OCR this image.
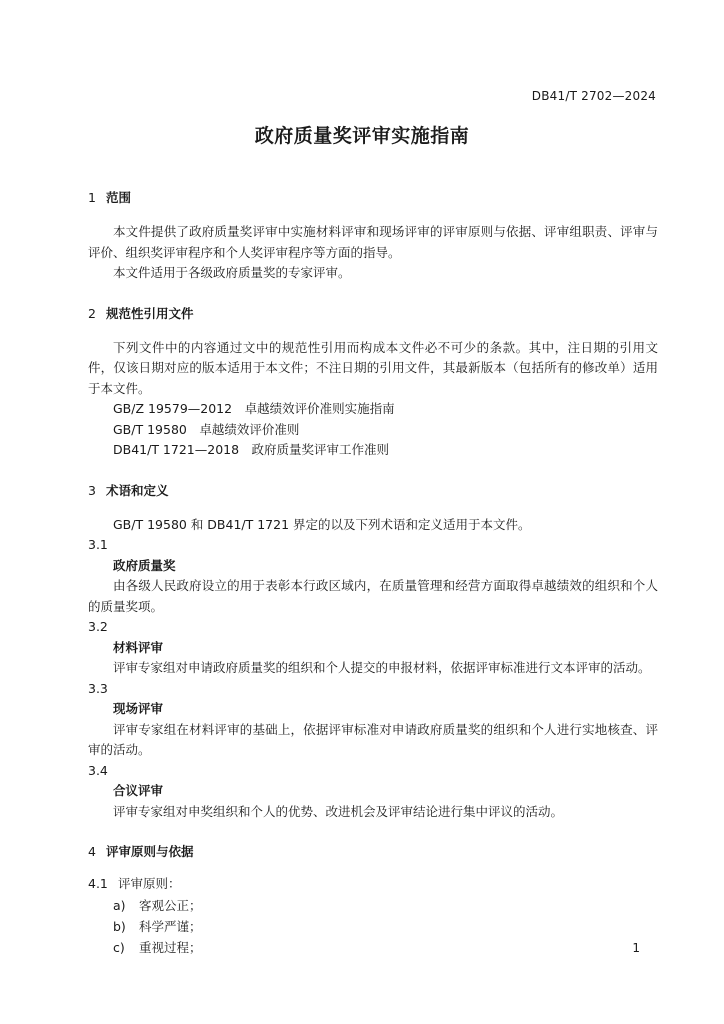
DB41/T 2702—2024
政府质量奖评审实施指南
1 范围

本文件提供了政府质量奖评审中实施材料评审和现场评审的评审原则与依据、评审组职责、评审与评价、组织奖评审程序和个人奖评审程序等方面的指导。

本文件适用于各级政府质量奖的专家评审。

2 规范性引用文件

下列文件中的内容通过文中的规范性引用而构成本文件必不可少的条款。其中，注日期的引用文件，仅该日期对应的版本适用于本文件；不注日期的引用文件，其最新版本（包括所有的修改单）适用于本文件。

GB/Z 19579—2012　卓越绩效评价准则实施指南

GB/T 19580　卓越绩效评价准则

DB41/T 1721—2018　政府质量奖评审工作准则

3 术语和定义

GB/T 19580 和 DB41/T 1721 界定的以及下列术语和定义适用于本文件。

3.1

政府质量奖

由各级人民政府设立的用于表彰本行政区域内，在质量管理和经营方面取得卓越绩效的组织和个人的质量奖项。

3.2

材料评审

评审专家组对申请政府质量奖的组织和个人提交的申报材料，依据评审标准进行文本评审的活动。

3.3

现场评审

评审专家组在材料评审的基础上，依据评审标准对申请政府质量奖的组织和个人进行实地核查、评审的活动。

3.4

合议评审

评审专家组对申奖组织和个人的优势、改进机会及评审结论进行集中评议的活动。

4 评审原则与依据
4.1 评审原则：

a) 客观公正；

b) 科学严谨；

c) 重视过程；	1
